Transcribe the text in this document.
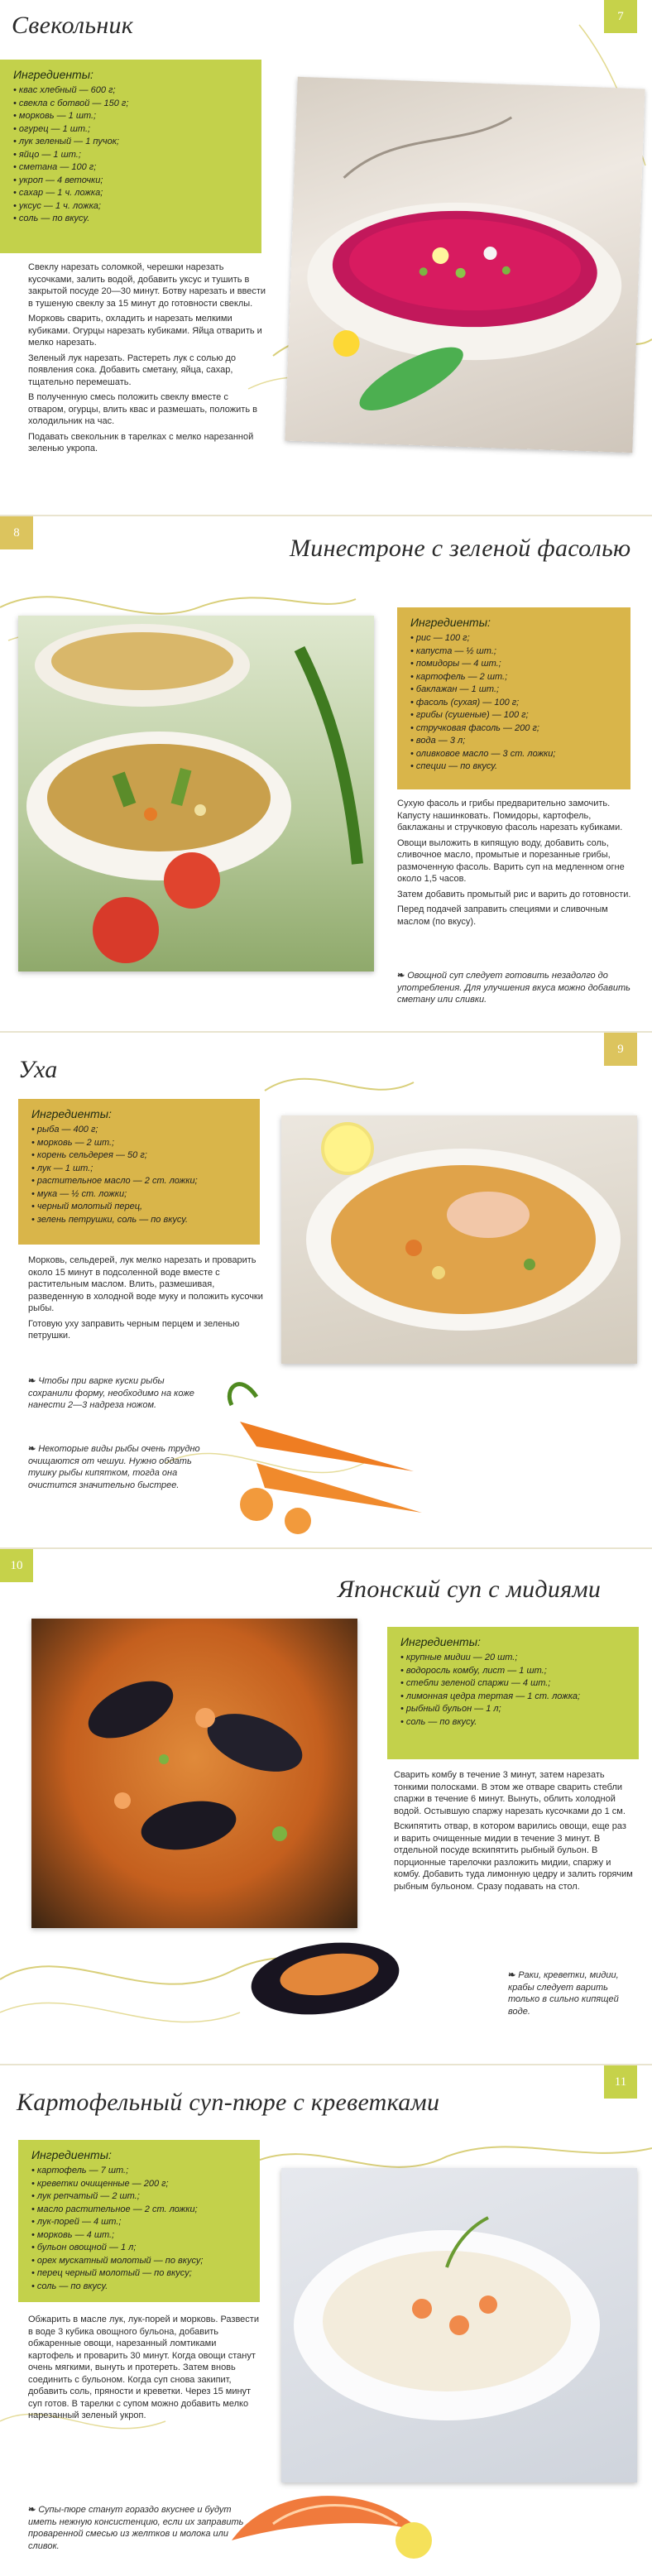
Свекольник	7
Ингредиенты:
• квас хлебный — 600 г;
• свекла с ботвой — 150 г;
• морковь — 1 шт.;
• огурец — 1 шт.;
• лук зеленый — 1 пучок;
• яйцо — 1 шт.;
• сметана — 100 г;
• укроп — 4 веточки;
• сахар — 1 ч. ложка;
• уксус — 1 ч. ложка;
• соль — по вкусу.

Свеклу нарезать соломкой, черешки нарезать кусочками, залить водой, добавить уксус и тушить в закрытой посуде 20—30 минут. Ботву нарезать и ввести в тушеную свеклу за 15 минут до готовности свеклы.

Морковь сварить, охладить и нарезать мелкими кубиками. Огурцы нарезать кубиками. Яйца отварить и мелко нарезать.

Зеленый лук нарезать. Растереть лук с солью до появления сока. Добавить сметану, яйца, сахар, тщательно перемешать.

В полученную смесь положить свеклу вместе с отваром, огурцы, влить квас и размешать, положить в холодильник на час.

Подавать свекольник в тарелках с мелко нарезанной зеленью укропа.

8
Минестроне с зеленой фасолью
Ингредиенты:
• рис — 100 г;
• капуста — ½ шт.;
• помидоры — 4 шт.;
• картофель — 2 шт.;
• баклажан — 1 шт.;
• фасоль (сухая) — 100 г;
• грибы (сушеные) — 100 г;
• стручковая фасоль — 200 г;
• вода — 3 л;
• оливковое масло — 3 ст. ложки;
• специи — по вкусу.

Сухую фасоль и грибы предварительно замочить. Капусту нашинковать. Помидоры, картофель, баклажаны и стручковую фасоль нарезать кубиками.

Овощи выложить в кипящую воду, добавить соль, сливочное масло, промытые и порезанные грибы, размоченную фасоль. Варить суп на медленном огне около 1,5 часов.

Затем добавить промытый рис и варить до готовности.

Перед подачей заправить специями и сливочным маслом (по вкусу).

❧ Овощной суп следует готовить незадолго до употребления. Для улучшения вкуса можно добавить сметану или сливки.
Уха
9
Ингредиенты:
• рыба — 400 г;
• морковь — 2 шт.;
• корень сельдерея — 50 г;
• лук — 1 шт.;
• растительное масло — 2 ст. ложки;
• мука — ½ ст. ложки;
• черный молотый перец,
• зелень петрушки, соль — по вкусу.

Морковь, сельдерей, лук мелко нарезать и проварить около 15 минут в подсоленной воде вместе с растительным маслом. Влить, размешивая, разведенную в холодной воде муку и положить кусочки рыбы.

Готовую уху заправить черным перцем и зеленью петрушки.

❧ Чтобы при варке куски рыбы сохранили форму, необходимо на коже нанести 2—3 надреза ножом.
❧ Некоторые виды рыбы очень трудно очищаются от чешуи. Нужно обдать тушку рыбы кипятком, тогда она очистится значительно быстрее.
10
Японский суп с мидиями
Ингредиенты:
• крупные мидии — 20 шт.;
• водоросль комбу, лист — 1 шт.;
• стебли зеленой спаржи — 4 шт.;
• лимонная цедра тертая — 1 ст. ложка;
• рыбный бульон — 1 л;
• соль — по вкусу.

Сварить комбу в течение 3 минут, затем нарезать тонкими полосками. В этом же отваре сварить стебли спаржи в течение 6 минут. Вынуть, облить холодной водой. Остывшую спаржу нарезать кусочками до 1 см.

Вскипятить отвар, в котором варились овощи, еще раз и варить очищенные мидии в течение 3 минут. В отдельной посуде вскипятить рыбный бульон. В порционные тарелочки разложить мидии, спаржу и комбу. Добавить туда лимонную цедру и залить горячим рыбным бульоном. Сразу подавать на стол.

❧ Раки, креветки, мидии, крабы следует варить только в сильно кипящей воде.
Картофельный суп-пюре с креветками
11
Ингредиенты:
• картофель — 7 шт.;
• креветки очищенные — 200 г;
• лук репчатый — 2 шт.;
• масло растительное — 2 ст. ложки;
• лук-порей — 4 шт.;
• морковь — 4 шт.;
• бульон овощной — 1 л;
• орех мускатный молотый — по вкусу;
• перец черный молотый — по вкусу;
• соль — по вкусу.

Обжарить в масле лук, лук-порей и морковь. Развести в воде 3 кубика овощного бульона, добавить обжаренные овощи, нарезанный ломтиками картофель и проварить 30 минут. Когда овощи станут очень мягкими, вынуть и протереть. Затем вновь соединить с бульоном. Когда суп снова закипит, добавить соль, пряности и креветки. Через 15 минут суп готов. В тарелки с супом можно добавить мелко нарезанный зеленый укроп.

❧ Супы-пюре станут гораздо вкуснее и будут иметь нежную консистенцию, если их заправить проваренной смесью из желтков и молока или сливок.
